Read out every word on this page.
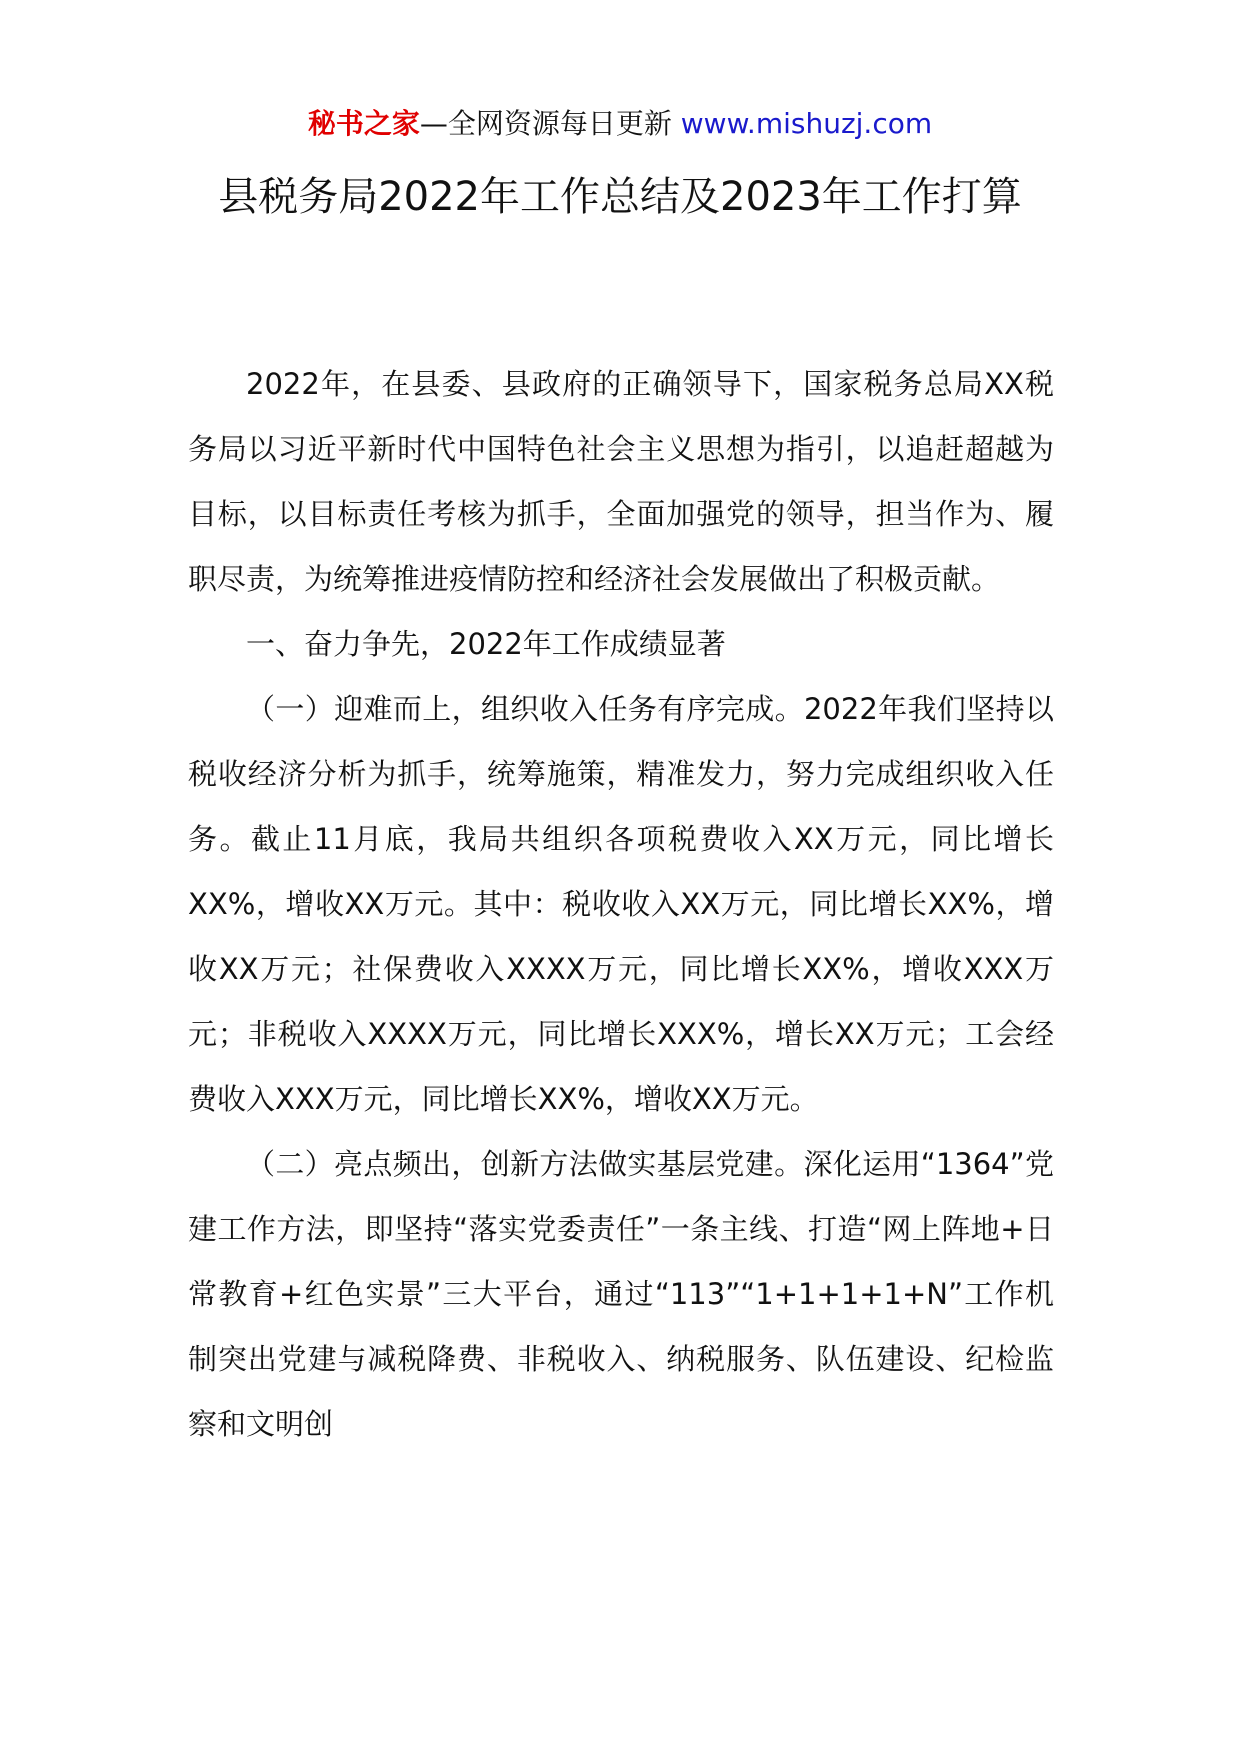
秘书之家—全网资源每日更新 www.mishuzj.com
县税务局2022年工作总结及2023年工作打算

2022年，在县委、县政府的正确领导下，国家税务总局XX税务局以习近平新时代中国特色社会主义思想为指引，以追赶超越为目标，以目标责任考核为抓手，全面加强党的领导，担当作为、履职尽责，为统筹推进疫情防控和经济社会发展做出了积极贡献。

一、奋力争先，2022年工作成绩显著

（一）迎难而上，组织收入任务有序完成。2022年我们坚持以税收经济分析为抓手，统筹施策，精准发力，努力完成组织收入任务。截止11月底，我局共组织各项税费收入XX万元，同比增长XX%，增收XX万元。其中：税收收入XX万元，同比增长XX%，增收XX万元；社保费收入XXXX万元，同比增长XX%，增收XXX万元；非税收入XXXX万元，同比增长XXX%，增长XX万元；工会经费收入XXX万元，同比增长XX%，增收XX万元。

（二）亮点频出，创新方法做实基层党建。深化运用“1364”党建工作方法，即坚持“落实党委责任”一条主线、打造“网上阵地+日常教育+红色实景”三大平台，通过“113”“1+1+1+1+N”工作机制突出党建与减税降费、非税收入、纳税服务、队伍建设、纪检监察和文明创
